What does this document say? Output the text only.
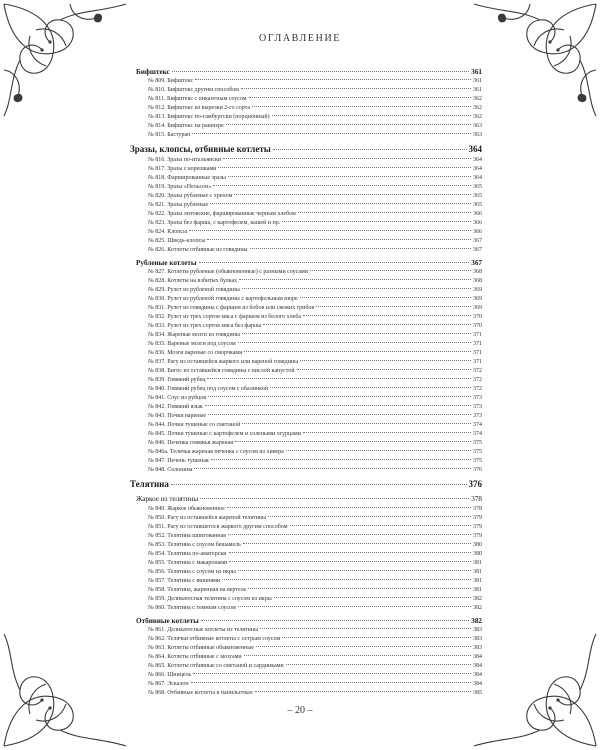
ОГЛАВЛЕНИЕ
Бифштекс	361
№ 809. Бифштекс	361
№ 810. Бифштекс другим способом	361
№ 811. Бифштекс с пикантным соусом	362
№ 812. Бифштекс из вырезки 2-го сорта	362
№ 813. Бифштекс по-гамбургски (порционный)	362
№ 814. Бифштекс на рашпере	363
№ 815. Бастурап	363
Зразы, клопсы, отбивные котлеты	364
№ 816. Зразы по-итальянски	364
№ 817. Зразы с корешками	364
№ 818. Фаршированные зразы	364
№ 819. Зразы «Нельсон»	365
№ 820. Зразы рубленые с хреном	365
№ 821. Зразы рубленые	365
№ 822. Зразы литовские, фаршированные черным хлебом	366
№ 823. Зразы без фарша, с картофелем, кашей и пр.	366
№ 824. Клопсы	366
№ 825. Шведь-клопсы	367
№ 826. Котлеты отбивные из говядины	367
Рубленые котлеты	367
№ 827. Котлеты рубленые (обыкновенные) с разными соусами	368
№ 828. Котлеты на взбитых булках	368
№ 829. Рулет из рубленой говядины	369
№ 830. Рулет из рубленой говядины с картофельным пюре	369
№ 831. Рулет из говядины с фаршем из бобов или свежих грибов	369
№ 832. Рулет из трех сортов мяса с фаршем из белого хлеба	370
№ 833. Рулет из трех сортов мяса без фарша	370
№ 834. Жареные мозги из говядины	371
№ 835. Вареные мозги под соусом	371
№ 836. Мозги вареные со сморчками	371
№ 837. Рагу из оставшейся жаркого или вареной говядины	371
№ 838. Бигос из оставшейся говядины с кислой капустой	372
№ 839. Говяжий рубец	372
№ 840. Говяжий рубец под соусом с обалинкой	372
№ 841. Соус из рубцов	373
№ 842. Говяжий язык	373
№ 843. Почки вареные	373
№ 844. Почки тушеные со сметаной	374
№ 845. Почки тушеные с картофелем и солеными огурцами	374
№ 846. Печенка говяжья жареная	375
№ 846а. Телячья жареная печенка с соусом из хивера	375
№ 847. Печень тушеная	375
№ 848. Солонина	376
Телятина	376
Жаркое из телятины	378
№ 849. Жаркое обыкновенное	378
№ 850. Рагу из оставшейся жареной телятины	379
№ 851. Рагу из оставшегося жаркого другим способом	379
№ 852. Телятина шпигованная	379
№ 853. Телятина с соусом бешамель	380
№ 854. Телятина по-аматерски	380
№ 855. Телятина с макаронами	381
№ 856. Телятина с соусом из икры	381
№ 857. Телятина с вишнями	381
№ 858. Телятина, жаренная на вертеле	381
№ 859. Деликатесная телятина с соусом из икры	382
№ 860. Телятина с темным соусом	382
Отбивные котлеты	382
№ 861. Деликатесные котлеты из телятины	383
№ 862. Телячьи отбивные котлеты с острым соусом	383
№ 863. Котлеты отбивные обыкновенные	383
№ 864. Котлеты отбивные с мозгами	384
№ 865. Котлеты отбивные со сметаной и сардинками	384
№ 866. Шницель	384
№ 867. Эскалоп	384
№ 868. Отбивные котлеты в папильотках	385
– 20 –
